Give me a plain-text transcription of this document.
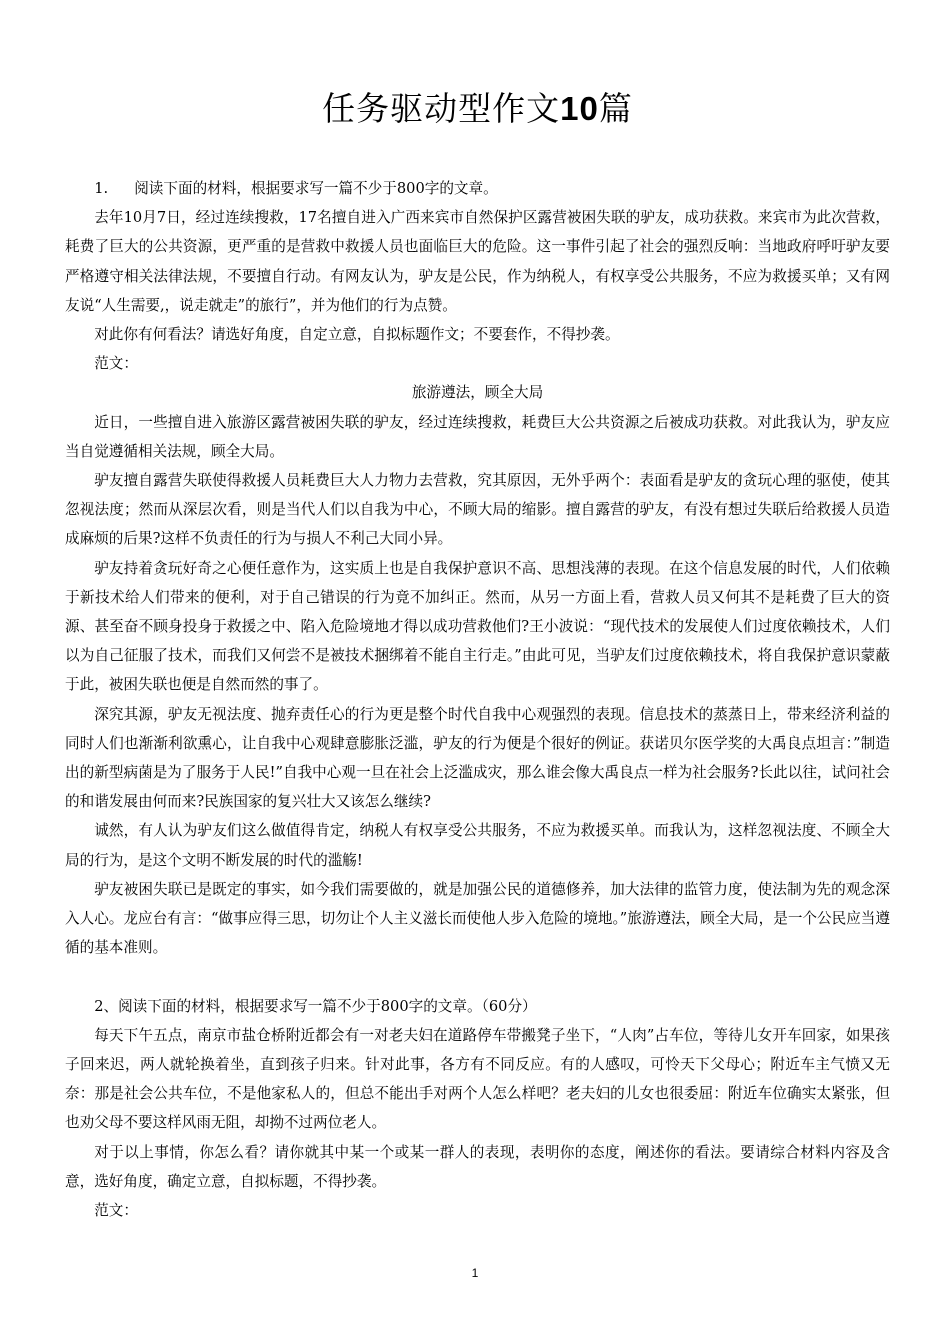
任务驱动型作文10篇

1. 阅读下面的材料，根据要求写一篇不少于800字的文章。

去年10月7日，经过连续搜救，17名擅自进入广西来宾市自然保护区露营被困失联的驴友，成功获救。来宾市为此次营救，耗费了巨大的公共资源，更严重的是营救中救援人员也面临巨大的危险。这一事件引起了社会的强烈反响：当地政府呼吁驴友要严格遵守相关法律法规，不要擅自行动。有网友认为，驴友是公民，作为纳税人，有权享受公共服务，不应为救援买单；又有网友说“人生需要,，说走就走”的旅行”，并为他们的行为点赞。

对此你有何看法？请选好角度，自定立意，自拟标题作文；不要套作，不得抄袭。

范文：

旅游遵法，顾全大局

近日，一些擅自进入旅游区露营被困失联的驴友，经过连续搜救，耗费巨大公共资源之后被成功获救。对此我认为，驴友应当自觉遵循相关法规，顾全大局。

驴友擅自露营失联使得救援人员耗费巨大人力物力去营救，究其原因，无外乎两个：表面看是驴友的贪玩心理的驱使，使其忽视法度；然而从深层次看，则是当代人们以自我为中心，不顾大局的缩影。擅自露营的驴友，有没有想过失联后给救援人员造成麻烦的后果?这样不负责任的行为与损人不利己大同小异。

驴友持着贪玩好奇之心便任意作为，这实质上也是自我保护意识不高、思想浅薄的表现。在这个信息发展的时代，人们依赖于新技术给人们带来的便利，对于自己错误的行为竟不加纠正。然而，从另一方面上看，营救人员又何其不是耗费了巨大的资源、甚至奋不顾身投身于救援之中、陷入危险境地才得以成功营救他们?王小波说：“现代技术的发展使人们过度依赖技术，人们以为自己征服了技术，而我们又何尝不是被技术捆绑着不能自主行走。”由此可见，当驴友们过度依赖技术，将自我保护意识蒙蔽于此，被困失联也便是自然而然的事了。

深究其源，驴友无视法度、抛弃责任心的行为更是整个时代自我中心观强烈的表现。信息技术的蒸蒸日上，带来经济利益的同时人们也渐渐利欲熏心，让自我中心观肆意膨胀泛滥，驴友的行为便是个很好的例证。获诺贝尔医学奖的大禹良点坦言：”制造出的新型病菌是为了服务于人民!”自我中心观一旦在社会上泛滥成灾，那么谁会像大禹良点一样为社会服务?长此以往，试问社会的和谐发展由何而来?民族国家的复兴壮大又该怎么继续?

诚然，有人认为驴友们这么做值得肯定，纳税人有权享受公共服务，不应为救援买单。而我认为，这样忽视法度、不顾全大局的行为，是这个文明不断发展的时代的滥觞!

驴友被困失联已是既定的事实，如今我们需要做的，就是加强公民的道德修养，加大法律的监管力度，使法制为先的观念深入人心。龙应台有言：“做事应得三思，切勿让个人主义滋长而使他人步入危险的境地。”旅游遵法，顾全大局，是一个公民应当遵循的基本准则。

2、阅读下面的材料，根据要求写一篇不少于800字的文章。（60分）

每天下午五点，南京市盐仓桥附近都会有一对老夫妇在道路停车带搬凳子坐下，“人肉”占车位，等待儿女开车回家，如果孩子回来迟，两人就轮换着坐，直到孩子归来。针对此事，各方有不同反应。有的人感叹，可怜天下父母心；附近车主气愤又无奈：那是社会公共车位，不是他家私人的，但总不能出手对两个人怎么样吧？老夫妇的儿女也很委屈：附近车位确实太紧张，但也劝父母不要这样风雨无阻，却拗不过两位老人。

对于以上事情，你怎么看？请你就其中某一个或某一群人的表现，表明你的态度，阐述你的看法。要请综合材料内容及含意，选好角度，确定立意，自拟标题，不得抄袭。

范文：

1
